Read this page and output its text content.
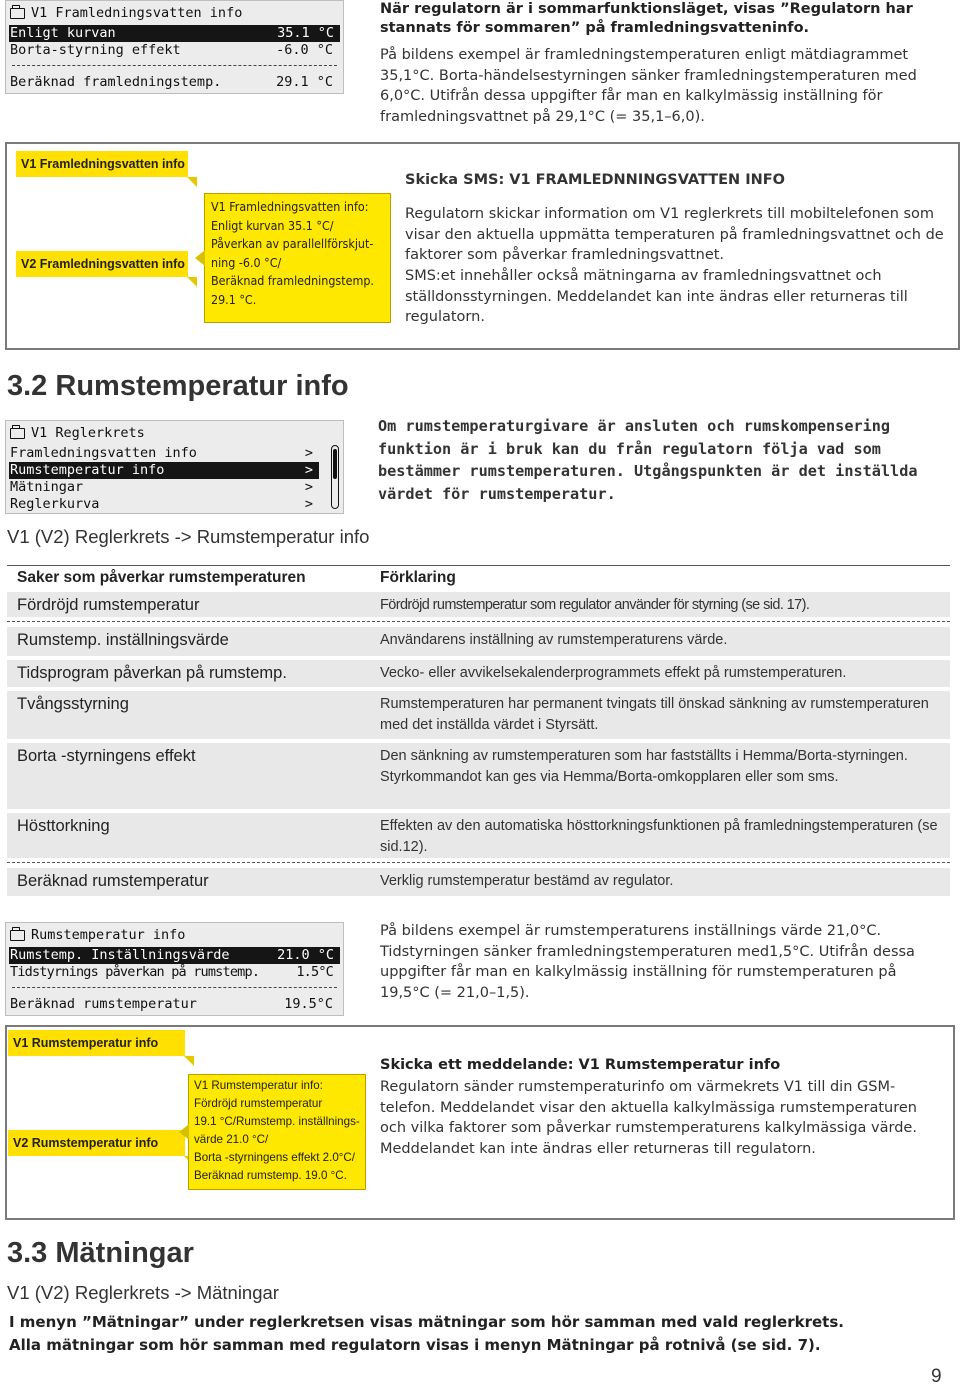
V1 Framledningsvatten info
Enligt kurvan	35.1 °C
Borta-styrning effekt	-6.0 °C
Beräknad framledningstemp.	29.1 °C
När regulatorn är i sommarfunktionsläget, visas ”Regulatorn har stannats för sommaren” på framledningsvatteninfo.
På bildens exempel är framledningstemperaturen enligt mätdiagrammet 35,1°C. Borta-händelsestyrningen sänker framledningstemperaturen med 6,0°C. Utifrån dessa uppgifter får man en kalkylmässig inställning för framledningsvattnet på 29,1°C (= 35,1–6,0).
V1 Framledningsvatten info
V2 Framledningsvatten info
V1 Framledningsvatten info:
Enligt kurvan 35.1 °C/
Påverkan av parallellförskjut-
ning -6.0 °C/
Beräknad framledningstemp.
29.1 °C.
Skicka SMS: V1 FRAMLEDNNINGSVATTEN INFO
Regulatorn skickar information om V1 reglerkrets till mobiltelefonen som visar den aktuella uppmätta temperaturen på framledningsvattnet och de faktorer som påverkar framledningsvattnet.
SMS:et innehåller också mätningarna av framledningsvattnet och ställdonsstyrningen. Meddelandet kan inte ändras eller returneras till regulatorn.
3.2 Rumstemperatur info
V1 Reglerkrets
Framledningsvatten info	>
Rumstemperatur info	>
Mätningar	>
Reglerkurva	>
Om rumstemperaturgivare är ansluten och rumskompensering funktion är i bruk kan du från regulatorn följa vad som bestämmer rumstemperaturen. Utgångspunkten är det inställda värdet för rumstemperatur.
V1 (V2) Reglerkrets -> Rumstemperatur info
Saker som påverkar rumstemperaturen	Förklaring
Fördröjd rumstemperatur	Fördröjd rumstemperatur som regulator använder för styrning (se sid. 17).
Rumstemp. inställningsvärde	Användarens inställning av rumstemperaturens värde.
Tidsprogram påverkan på rumstemp.	Vecko- eller avvikelsekalenderprogrammets effekt på rumstemperaturen.
Tvångsstyrning	Rumstemperaturen har permanent tvingats till önskad sänkning av rumstemperaturen med det inställda värdet i Styrsätt.
Borta -styrningens effekt	Den sänkning av rumstemperaturen som har fastställts i Hemma/Borta-styrningen. Styrkommandot kan ges via Hemma/Borta-omkopplaren eller som sms.
Hösttorkning	Effekten av den automatiska hösttorkningsfunktionen på framledningstemperaturen (se sid.12).
Beräknad rumstemperatur	Verklig rumstemperatur bestämd av regulator.
Rumstemperatur info
Rumstemp. Inställningsvärde	21.0 °C
Tidstyrnings påverkan på rumstemp.	1.5°C
Beräknad rumstemperatur	19.5°C
På bildens exempel är rumstemperaturens inställnings värde 21,0°C. Tidstyrningen sänker framledningstemperaturen med1,5°C. Utifrån dessa uppgifter får man en kalkylmässig inställning för rumstemperaturen på 19,5°C (= 21,0–1,5).
V1 Rumstemperatur info
V2 Rumstemperatur info
V1 Rumstemperatur info:
Fördröjd rumstemperatur
19.1 °C/Rumstemp. inställnings-
värde 21.0 °C/
Borta -styrningens effekt 2.0°C/
Beräknad rumstemp. 19.0 °C.
Skicka ett meddelande: V1 Rumstemperatur info
Regulatorn sänder rumstemperaturinfo om värmekrets V1 till din GSM-telefon. Meddelandet visar den aktuella kalkylmässiga rumstemperaturen och vilka faktorer som påverkar rumstemperaturens kalkylmässiga värde. Meddelandet kan inte ändras eller returneras till regulatorn.
3.3 Mätningar
V1 (V2) Reglerkrets -> Mätningar
I menyn ”Mätningar” under reglerkretsen visas mätningar som hör samman med vald reglerkrets. Alla mätningar som hör samman med regulatorn visas i menyn Mätningar på rotnivå (se sid. 7).
9
